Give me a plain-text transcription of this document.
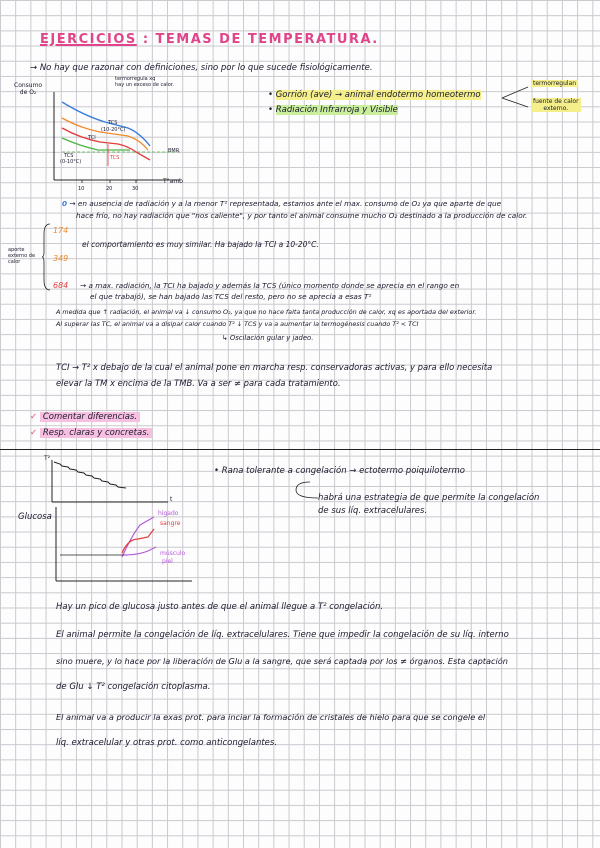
EJERCICIOS : TEMAS DE TEMPERATURA.
→ No hay que razonar con definiciones, sino por lo que sucede fisiológicamente.
Consumo
de O₂
termorregula xq
hay un exceso de calor.
TCS
(10-20°C)
TCI
TCS
(0-10°C)
TCS
BMR
T°amb
10	20	30
• Gorrión (ave) → animal endotermo homeotermo
• Radiación Infrarroja y Visible
termorregulan
fuente de calor
externo.
0 → en ausencia de radiación y a la menor T² representada, estamos ante el max. consumo de O₂ ya que aparte de que
hace frío, no hay radiación que "nos caliente", y por tanto el animal consume mucho O₂ destinado a la producción de calor.
aporte
externo de
calor
174
el comportamiento es muy similar. Ha bajado la TCI a 10-20°C.
349
684 → a max. radiación, la TCI ha bajado y además la TCS (único momento donde se aprecia en el rango en
el que trabajó), se han bajado las TCS del resto, pero no se aprecia a esas T²
A medida que ↑ radiación, el animal va ↓ consumo O₂, ya que no hace falta tanta producción de calor, xq es aportada del exterior.
Al superar las TC, el animal va a disipar calor cuando T² ↓ TCS y va a aumentar la termogénesis cuando T² < TCI
↳ Oscilación gular y jadeo.
TCI → T² x debajo de la cual el animal pone en marcha resp. conservadoras activas, y para ello necesita
elevar la TM x encima de la TMB. Va a ser ≠ para cada tratamiento.
✓ Comentar diferencias.
✓ Resp. claras y concretas.
T²
t
Glucosa	hígado
sangre
músculo
piel
• Rana tolerante a congelación → ectotermo poiquilotermo
habrá una estrategia de que permite la congelación
de sus líq. extracelulares.
Hay un pico de glucosa justo antes de que el animal llegue a T² congelación.
El animal permite la congelación de líq. extracelulares. Tiene que impedir la congelación de su líq. interno
sino muere, y lo hace por la liberación de Glu a la sangre, que será captada por los ≠ órganos. Esta captación
de Glu ↓ T² congelación citoplasma.
El animal va a producir la exas prot. para inciar la formación de cristales de hielo para que se congele el
líq. extracelular y otras prot. como anticongelantes.
